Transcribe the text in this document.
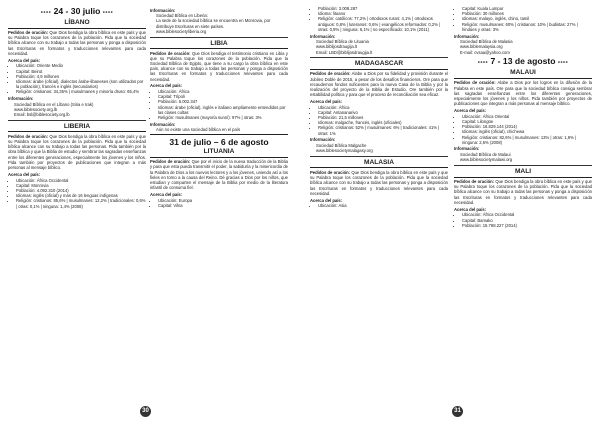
•••• 24 - 30 julio ••••
LÍBANO

Pedidos de oración: Que Dios bendiga la obra bíblica en este país y que su Palabra toque los corazones de la población. Pida que la sociedad bíblica alcance con su trabajo a todas las personas y ponga a disposición las Escrituras en formatos y traducciones relevantes para cada necesidad.

Acerca del país:
• Ubicación: Oriente Medio
• Capital: Beirut
• Población: 4,9 millones
• Idiomas: árabe (oficial), dialectos árabe-libaneses (son utilizados por la población), francés e inglés (secundarios)
• Religión: cristianos: 34,35% | musulmanes y minoría druso: 65,4%
Información:
Sociedad Bíblica en el Líbano (Siria e Irak)
www.biblesociety.org.lb
Email: bsl@biblesociety.org.lb
LIBERIA

Pedidos de oración: Que Dios bendiga la obra bíblica en este país y que su Palabra toque los corazones de la población. Pida que la sociedad bíblica alcance con su trabajo a todas las personas. Pida también por la obra bíblica y que la Biblia de estudio y sembrar las sagradas enseñanzas entre los diferentes generaciones, especialmente los jóvenes y los niños. Pida también por proyectos de publicaciones que integran a más personas al mensaje bíblico.

Acerca del país:
• Ubicación: África Occidental
• Capital: Monrovia
• Población: 4.092.310 (2014)
• Idiomas: inglés (oficial) y más de 16 lenguas indígenas
• Religión: cristianos: 85,6% | musulmanes: 12,2% | tradicionales: 0,6% | otras: 0,1% | ninguna: 1,4% (2008)
30
Información:
Sociedad Bíblica en Liberia:
La sede de la sociedad bíblica se encuentra en Monrovia, por distribuye Escrituras en siete países.
www.biblesocietyliberia.org
LIBIA

Pedidos de oración: Que Dios bendiga el testimonio cristiano en Libia y que su Palabra toque los corazones de la población. Pida que la Sociedad Bíblica de Egipto, que tiene a su cargo la obra bíblica en este país, alcance con su trabajo a todas las personas y ponga a disposición las Escrituras en formatos y traducciones relevantes para cada necesidad.

Acerca del país:
• Ubicación: África
• Capital: Trípoli
• Población: 6.002.347
• Idiomas: árabe (oficial), inglés e italiano ampliamente entendidos por las clases cultas
• Religión: musulmanes (mayoría sunní): 97% | otras: 3%
Información:
Aún no existe una sociedad bíblica en el país
31 de julio – 6 de agosto
LITUANIA

Pedidos de oración: Que por el inicio de la nueva traducción de la Biblia y para que esta pueda transmitir el poder, la sabiduría y la misericordia de la Palabra de Dios a los nuevos lectores y a los jóvenes, uniendo así a los fieles en torno a la causa del Reino. Dé gracias a Dios por los niños, que estudian y comparten el mensaje de la Biblia por medio de la literatura infantil de consuma fiel.

Acerca del país:
• Ubicación: Europa
• Capital: Vilna
• Población: 3.008.287
• Idioma: lituano
• Religión: católicos: 77,2% | ortodoxos rusos: 4,1% | ortodoxos antiguos: 0,8% | luteranos: 0,6% | evangélicos reformados: 0,2% | otras: 0,8% | ninguna: 6,1% | no especificado: 10,1% (2011)
Información:
Sociedad Bíblica de Lituania
www.biblijosdraugija.lt
Email: LBD@biblijosdraugija.lt
MADAGASCAR

Pedidos de oración: Alabe a Dios por su fidelidad y provisión durante el Jubileo Doble de 2015, a pesar de los desafíos financieros. Ore para que recaudemos fondos suficientes para la nueva Casa de la Biblia y por la realización del proyecto de la Biblia de Estudio. Ore también por la estabilidad política y para que el proceso de reconciliación sea eficaz.

Acerca del país:
• Ubicación: África
• Capital: Antananarivo
• Población: 21,5 millones
• Idiomas: malgache, francés, inglés (oficiales)
• Religión: cristianos: 52% | musulmanes: 6% | tradicionales: 41% | otras: 1%
Información:
Sociedad Bíblica Malgache
www.biblesocietymalagasy.org
MALASIA

Pedidos de oración: Que Dios bendiga la obra bíblica en este país y que su Palabra toque los corazones de la población. Pida que la sociedad bíblica alcance con su trabajo a todas las personas y ponga a disposición las Escrituras en formatos y traducciones relevantes para cada necesidad.

Acerca del país:
• Ubicación: Asia
• Capital: Kuala Lumpur
• Población: 30 millones
• Idiomas: malayo, inglés, chino, tamil
• Religión: musulmanes: 60% | cristianos: 10% | budistas: 27% | hindúes y otras: 3%
Información:
Sociedad Bíblica de Malasia
www.biblemalaysia.org
E-mail: cvsaa@yahoo.com
•••• 7 - 13 de agosto ••••
MALAUI

Pedidos de oración: Alabe a Dios por los logros en la difusión de la Palabra en este país. Ore para que la sociedad bíblica consiga sembrar las sagradas enseñanzas entre los diferentes generaciones, especialmente los jóvenes y los niños. Pida también por proyectos de publicaciones que integran a más personas al mensaje bíblico.

Acerca del país:
• Ubicación: África Oriental
• Capital: Lilongüe
• Población: 16.829.144 (2014)
• Idiomas: inglés (oficial), chichewa
• Religión: cristianos: 82,6% | musulmanes: 13% | otras: 1,9% | ninguna: 2,5% (2008)
Información:
Sociedad Bíblica de Malaui
www.biblesocietymalawi.org
MALI

Pedidos de oración: Que Dios bendiga la obra bíblica en este país y que su Palabra toque los corazones de la población. Pida que la sociedad bíblica alcance con su trabajo a todas las personas y ponga a disposición las Escrituras en formatos y traducciones relevantes para cada necesidad.

Acerca del país:
• Ubicación: África Occidental
• Capital: Bamako
• Población: 15.768.227 (2014)
31
